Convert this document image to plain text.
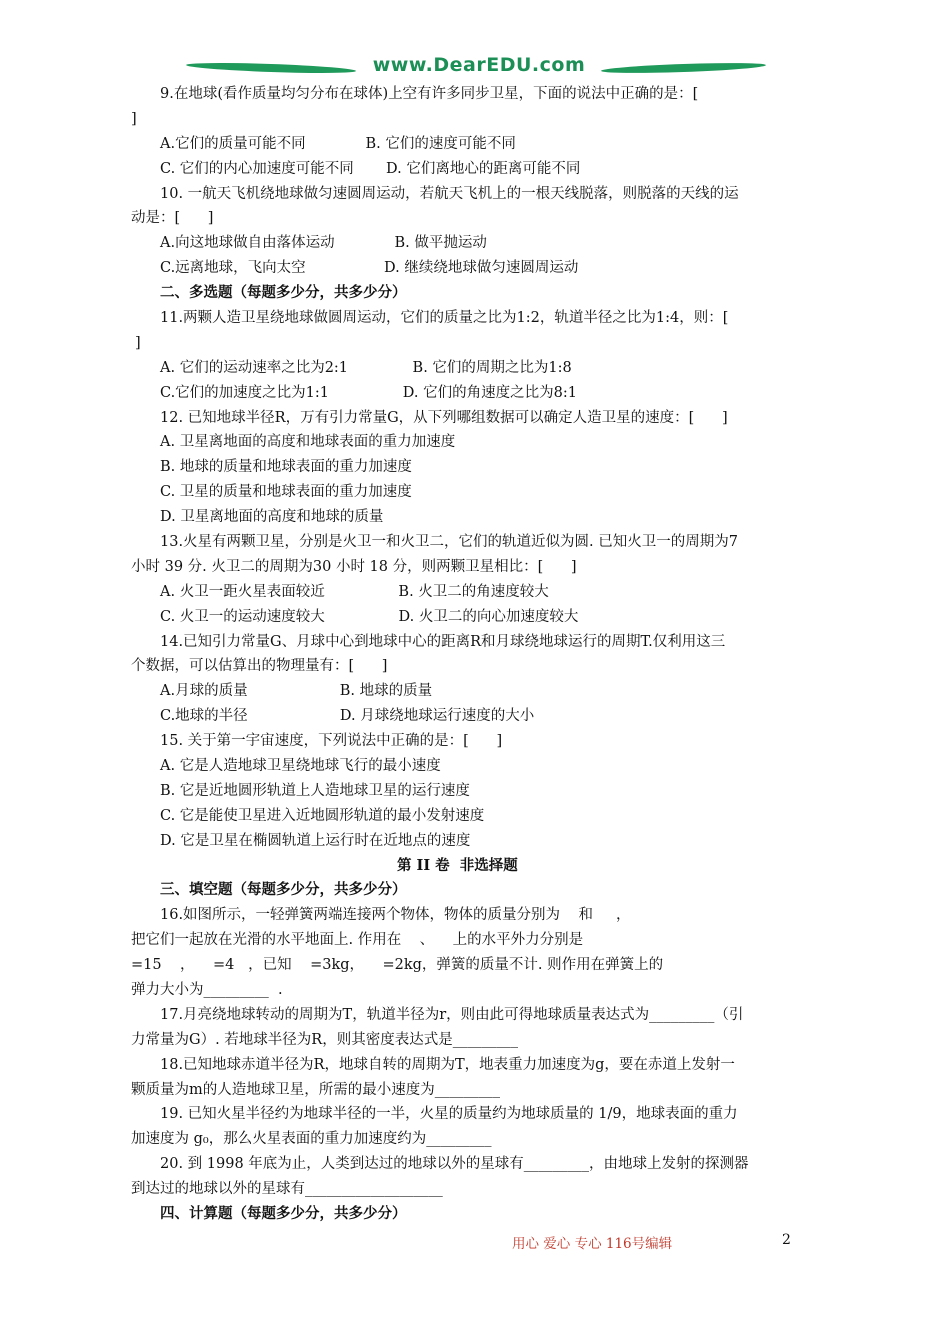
www.DearEDU.com
9.在地球(看作质量均匀分布在球体)上空有许多同步卫星，下面的说法中正确的是：[
]
A.它们的质量可能不同             B. 它们的速度可能不同
C. 它们的内心加速度可能不同       D. 它们离地心的距离可能不同
10. 一航天飞机绕地球做匀速圆周运动，若航天飞机上的一根天线脱落，则脱落的天线的运
动是：[      ]
A.向这地球做自由落体运动             B. 做平抛运动
C.远离地球，飞向太空                 D. 继续绕地球做匀速圆周运动
二、多选题（每题多少分，共多少分）
11.两颗人造卫星绕地球做圆周运动，它们的质量之比为1:2，轨道半径之比为1:4，则：[
]
A. 它们的运动速率之比为2:1              B. 它们的周期之比为1:8
C.它们的加速度之比为1:1                D. 它们的角速度之比为8:1
12. 已知地球半径R，万有引力常量G，从下列哪组数据可以确定人造卫星的速度：[      ]
A. 卫星离地面的高度和地球表面的重力加速度
B. 地球的质量和地球表面的重力加速度
C. 卫星的质量和地球表面的重力加速度
D. 卫星离地面的高度和地球的质量
13.火星有两颗卫星，分别是火卫一和火卫二，它们的轨道近似为圆. 已知火卫一的周期为7
小时 39 分. 火卫二的周期为30 小时 18 分，则两颗卫星相比：[      ]
A. 火卫一距火星表面较近                B. 火卫二的角速度较大
C. 火卫一的运动速度较大                D. 火卫二的向心加速度较大
14.已知引力常量G、月球中心到地球中心的距离R和月球绕地球运行的周期T.仅利用这三
个数据，可以估算出的物理量有：[      ]
A.月球的质量                    B. 地球的质量
C.地球的半径                    D. 月球绕地球运行速度的大小
15. 关于第一宇宙速度，下列说法中正确的是：[      ]
A. 它是人造地球卫星绕地球飞行的最小速度
B. 它是近地圆形轨道上人造地球卫星的运行速度
C. 它是能使卫星进入近地圆形轨道的最小发射速度
D. 它是卫星在椭圆轨道上运行时在近地点的速度
第 II 卷  非选择题
三、填空题（每题多少分，共多少分）
16.如图所示，一轻弹簧两端连接两个物体，物体的质量分别为    和     ，
把它们一起放在光滑的水平地面上. 作用在    、    上的水平外力分别是
=15    ，    =4   ，已知    =3kg，    =2kg，弹簧的质量不计. 则作用在弹簧上的
弹力大小为_________  .
17.月亮绕地球转动的周期为T，轨道半径为r，则由此可得地球质量表达式为_________（引
力常量为G）. 若地球半径为R，则其密度表达式是_________
18.已知地球赤道半径为R，地球自转的周期为T，地表重力加速度为g，要在赤道上发射一
颗质量为m的人造地球卫星，所需的最小速度为_________
19. 已知火星半径约为地球半径的一半，火星的质量约为地球质量的 1/9，地球表面的重力
加速度为 g₀，那么火星表面的重力加速度约为_________
20. 到 1998 年底为止，人类到达过的地球以外的星球有_________，由地球上发射的探测器
到达过的地球以外的星球有___________________
四、计算题（每题多少分，共多少分）
用心 爱心 专心 116号编辑	2
